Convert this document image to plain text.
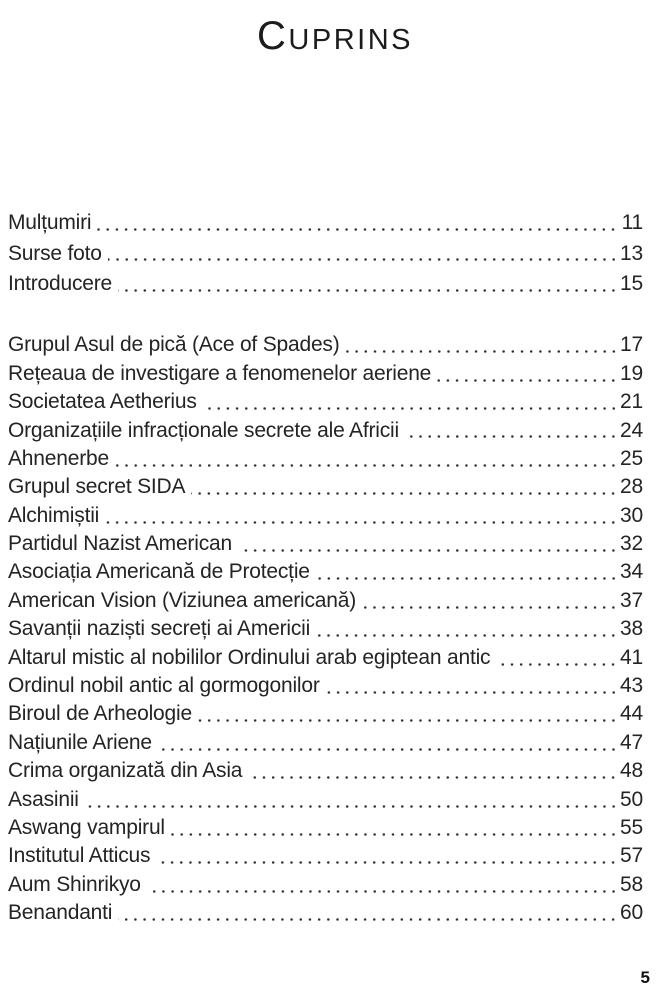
CUPRINS
Mulțumiri	11
Surse foto	13
Introducere	15
Grupul Asul de pică (Ace of Spades)	17
Rețeaua de investigare a fenomenelor aeriene	19
Societatea Aetherius	21
Organizațiile infracționale secrete ale Africii	24
Ahnenerbe	25
Grupul secret SIDA	28
Alchimiștii	30
Partidul Nazist American	32
Asociația Americană de Protecție	34
American Vision (Viziunea americană)	37
Savanții naziști secreți ai Americii	38
Altarul mistic al nobililor Ordinului arab egiptean antic	41
Ordinul nobil antic al gormogonilor	43
Biroul de Arheologie	44
Națiunile Ariene	47
Crima organizată din Asia	48
Asasinii	50
Aswang vampirul	55
Institutul Atticus	57
Aum Shinrikyo	58
Benandanti	60
5
